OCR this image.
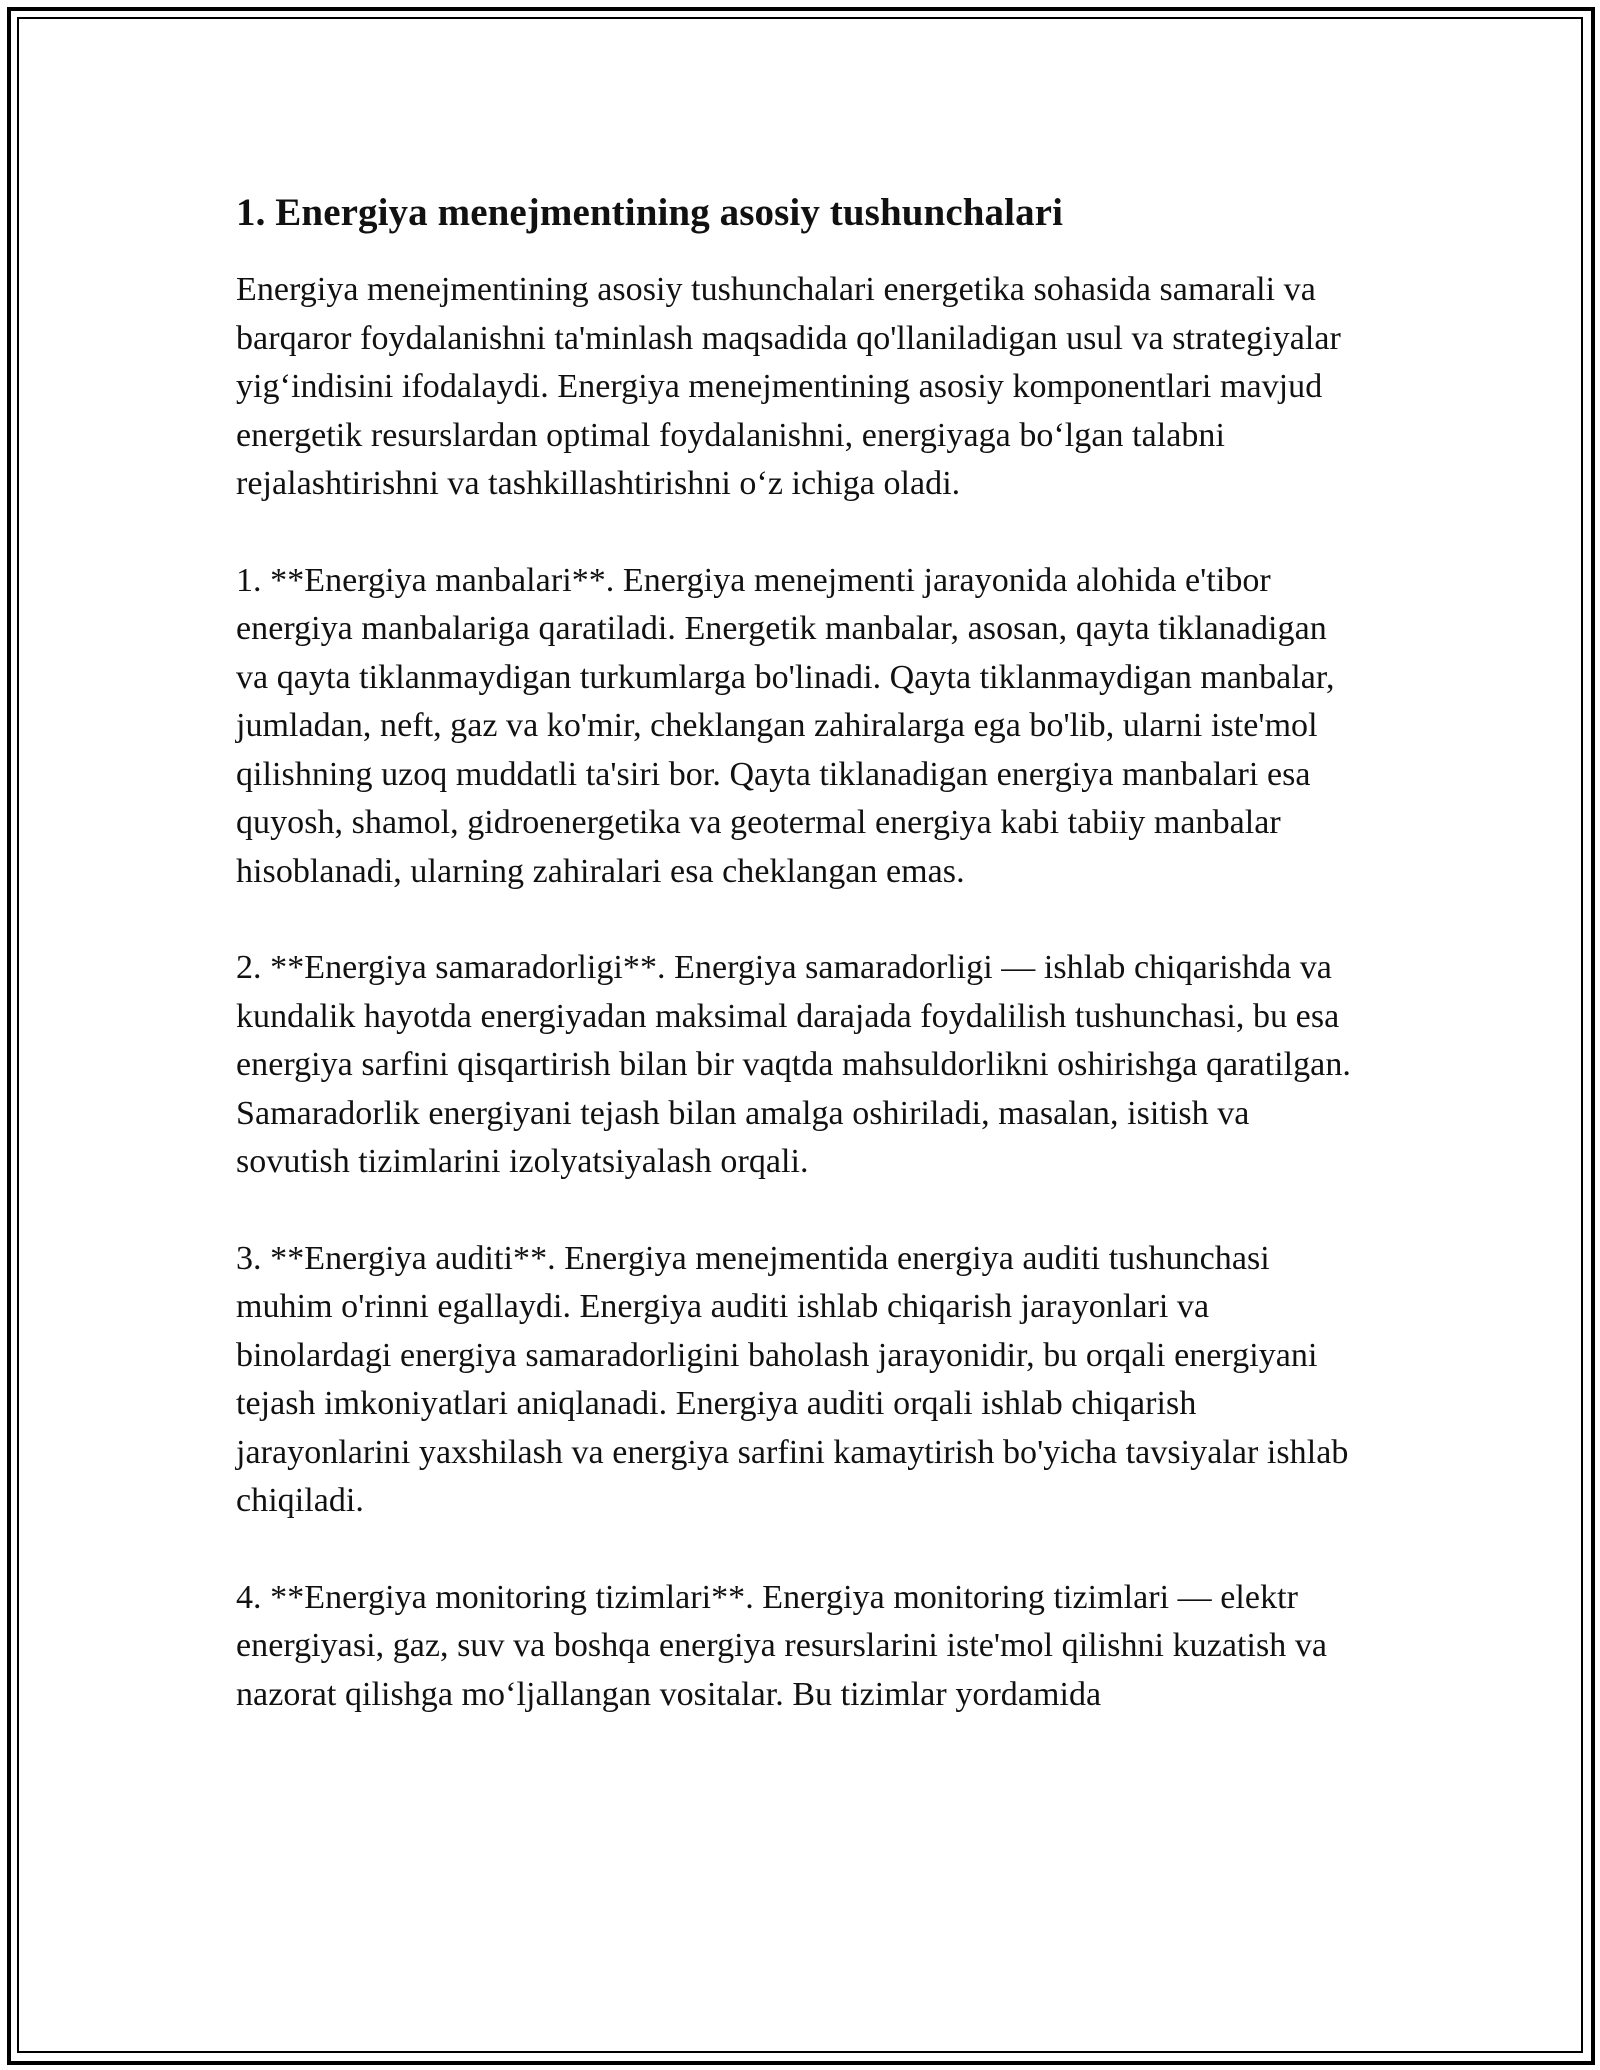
1. Energiya menejmentining asosiy tushunchalari

Energiya menejmentining asosiy tushunchalari energetika sohasida samarali va barqaror foydalanishni ta'minlash maqsadida qo'llaniladigan usul va strategiyalar yig‘indisini ifodalaydi. Energiya menejmentining asosiy komponentlari mavjud energetik resurslardan optimal foydalanishni, energiyaga bo‘lgan talabni rejalashtirishni va tashkillashtirishni o‘z ichiga oladi.

1. **Energiya manbalari**. Energiya menejmenti jarayonida alohida e'tibor energiya manbalariga qaratiladi. Energetik manbalar, asosan, qayta tiklanadigan va qayta tiklanmaydigan turkumlarga bo'linadi. Qayta tiklanmaydigan manbalar, jumladan, neft, gaz va ko'mir, cheklangan zahiralarga ega bo'lib, ularni iste'mol qilishning uzoq muddatli ta'siri bor. Qayta tiklanadigan energiya manbalari esa quyosh, shamol, gidroenergetika va geotermal energiya kabi tabiiy manbalar hisoblanadi, ularning zahiralari esa cheklangan emas.

2. **Energiya samaradorligi**. Energiya samaradorligi — ishlab chiqarishda va kundalik hayotda energiyadan maksimal darajada foydalilish tushunchasi, bu esa energiya sarfini qisqartirish bilan bir vaqtda mahsuldorlikni oshirishga qaratilgan. Samaradorlik energiyani tejash bilan amalga oshiriladi, masalan, isitish va sovutish tizimlarini izolyatsiyalash orqali.

3. **Energiya auditi**. Energiya menejmentida energiya auditi tushunchasi muhim o'rinni egallaydi. Energiya auditi ishlab chiqarish jarayonlari va binolardagi energiya samaradorligini baholash jarayonidir, bu orqali energiyani tejash imkoniyatlari aniqlanadi. Energiya auditi orqali ishlab chiqarish jarayonlarini yaxshilash va energiya sarfini kamaytirish bo'yicha tavsiyalar ishlab chiqiladi.

4. **Energiya monitoring tizimlari**. Energiya monitoring tizimlari — elektr energiyasi, gaz, suv va boshqa energiya resurslarini iste'mol qilishni kuzatish va nazorat qilishga mo‘ljallangan vositalar. Bu tizimlar yordamida
